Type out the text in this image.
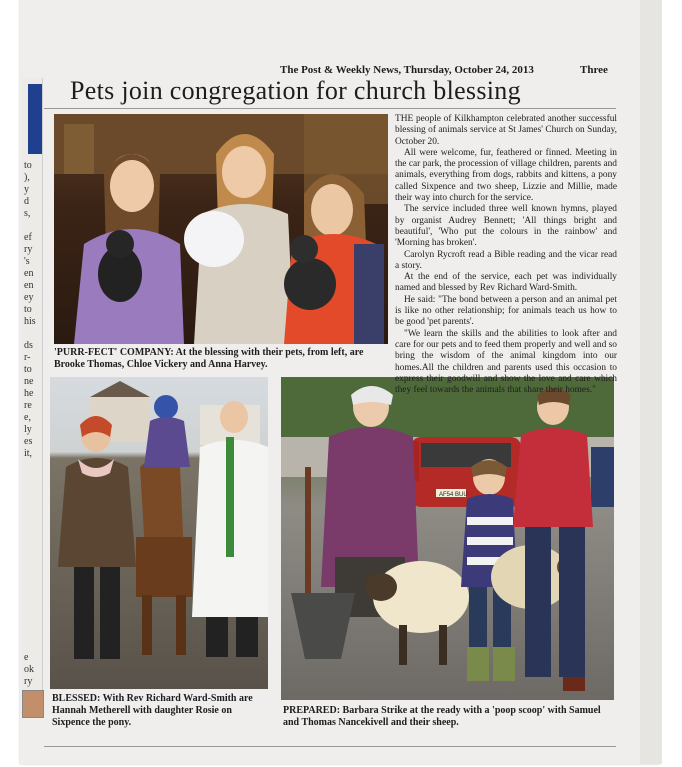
to
),
y
d
s,
ef
ry
's
en
en
ey
to
his
ds
r-
to
ne
he
re
e,
ly
es
it,
e
ok
ry
The Post & Weekly News, Thursday, October 24, 2013	Three
Pets join congregation for church blessing
'PURR-FECT' COMPANY: At the blessing with their pets, from left, are Brooke Thomas, Chloe Vickery and Anna Harvey.
BLESSED: With Rev Richard Ward-Smith are Hannah Metherell with daughter Rosie on Sixpence the pony.
AF54 BUU
PREPARED: Barbara Strike at the ready with a 'poop scoop' with Samuel and Thomas Nancekivell and their sheep.

THE people of Kilkhampton celebrated another successful blessing of animals service at St James' Church on Sunday, October 20.

All were welcome, fur, feathered or finned. Meeting in the car park, the procession of village children, parents and animals, everything from dogs, rabbits and kittens, a pony called Sixpence and two sheep, Lizzie and Millie, made their way into church for the service.

The service included three well known hymns, played by organist Audrey Bennett; 'All things bright and beautiful', 'Who put the colours in the rainbow' and 'Morning has broken'.

Carolyn Rycroft read a Bible reading and the vicar read a story.

At the end of the service, each pet was individually named and blessed by Rev Richard Ward-Smith.

He said: "The bond between a person and an animal pet is like no other relationship; for animals teach us how to be good 'pet parents'.

"We learn the skills and the abilities to look after and care for our pets and to feed them properly and well and so bring the wisdom of the animal kingdom into our homes.All the children and parents used this occasion to express their goodwill and show the love and care which they feel towards the animals that share their homes."
